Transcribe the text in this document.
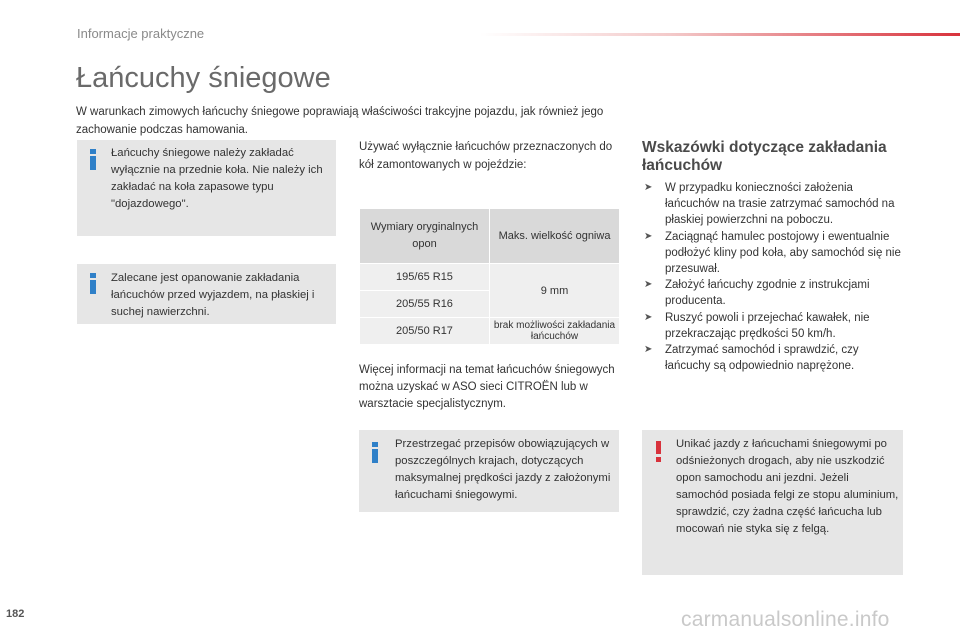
Informacje praktyczne
Łańcuchy śniegowe

W warunkach zimowych łańcuchy śniegowe poprawiają właściwości trakcyjne pojazdu, jak również jego zachowanie podczas hamowania.

Łańcuchy śniegowe należy zakładać wyłącznie na przednie koła. Nie należy ich zakładać na koła zapasowe typu "dojazdowego".
Zalecane jest opanowanie zakładania łańcuchów przed wyjazdem, na płaskiej i suchej nawierzchni.

Używać wyłącznie łańcuchów przeznaczonych do kół zamontowanych w pojeździe:

Wymiary oryginalnych opon	Maks. wielkość ogniwa
195/65 R15	9 mm
205/55 R16	
205/50 R17	brak możliwości zakładania łańcuchów

Więcej informacji na temat łańcuchów śniegowych można uzyskać w ASO sieci CITROËN lub w warsztacie specjalistycznym.

Przestrzegać przepisów obowiązujących w poszczególnych krajach, dotyczących maksymalnej prędkości jazdy z założonymi łańcuchami śniegowymi.
Wskazówki dotyczące zakładania łańcuchów
➤ W przypadku konieczności założenia łańcuchów na trasie zatrzymać samochód na płaskiej powierzchni na poboczu.
➤ Zaciągnąć hamulec postojowy i ewentualnie podłożyć kliny pod koła, aby samochód się nie przesuwał.
➤ Założyć łańcuchy zgodnie z instrukcjami producenta.
➤ Ruszyć powoli i przejechać kawałek, nie przekraczając prędkości 50 km/h.
➤ Zatrzymać samochód i sprawdzić, czy łańcuchy są odpowiednio naprężone.
Unikać jazdy z łańcuchami śniegowymi po odśnieżonych drogach, aby nie uszkodzić opon samochodu ani jezdni. Jeżeli samochód posiada felgi ze stopu aluminium, sprawdzić, czy żadna część łańcucha lub mocowań nie styka się z felgą.
182	carmanualsonline.info
